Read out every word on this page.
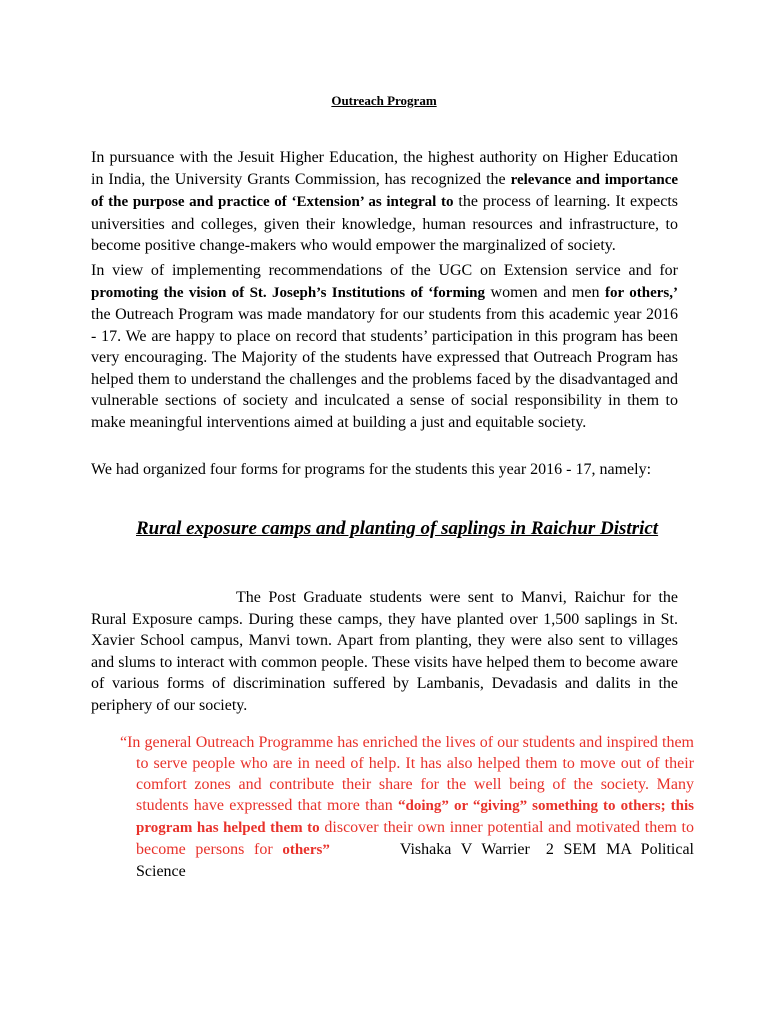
Outreach Program

In pursuance with the Jesuit Higher Education, the highest authority on Higher Education in India, the University Grants Commission, has recognized the relevance and importance of the purpose and practice of ‘Extension’ as integral to the process of learning. It expects universities and colleges, given their knowledge, human resources and infrastructure, to become positive change-makers who would empower the marginalized of society.

In view of implementing recommendations of the UGC on Extension service and for promoting the vision of St. Joseph’s Institutions of ‘forming women and men for others,’ the Outreach Program was made mandatory for our students from this academic year 2016 - 17. We are happy to place on record that students’ participation in this program has been very encouraging. The Majority of the students have expressed that Outreach Program has helped them to understand the challenges and the problems faced by the disadvantaged and vulnerable sections of society and inculcated a sense of social responsibility in them to make meaningful interventions aimed at building a just and equitable society.

We had organized four forms for programs for the students this year 2016 - 17, namely:

Rural exposure camps and planting of saplings in Raichur District

The Post Graduate students were sent to Manvi, Raichur for the Rural Exposure camps. During these camps, they have planted over 1,500 saplings in St. Xavier School campus, Manvi town. Apart from planting, they were also sent to villages and slums to interact with common people. These visits have helped them to become aware of various forms of discrimination suffered by Lambanis, Devadasis and dalits in the periphery of our society.

“In general Outreach Programme has enriched the lives of our students and inspired them to serve people who are in need of help. It has also helped them to move out of their comfort zones and contribute their share for the well being of the society. Many students have expressed that more than “doing” or “giving” something to others; this program has helped them to discover their own inner potential and motivated them to become persons for others”	Vishaka V Warrier 2 SEM MA Political Science
